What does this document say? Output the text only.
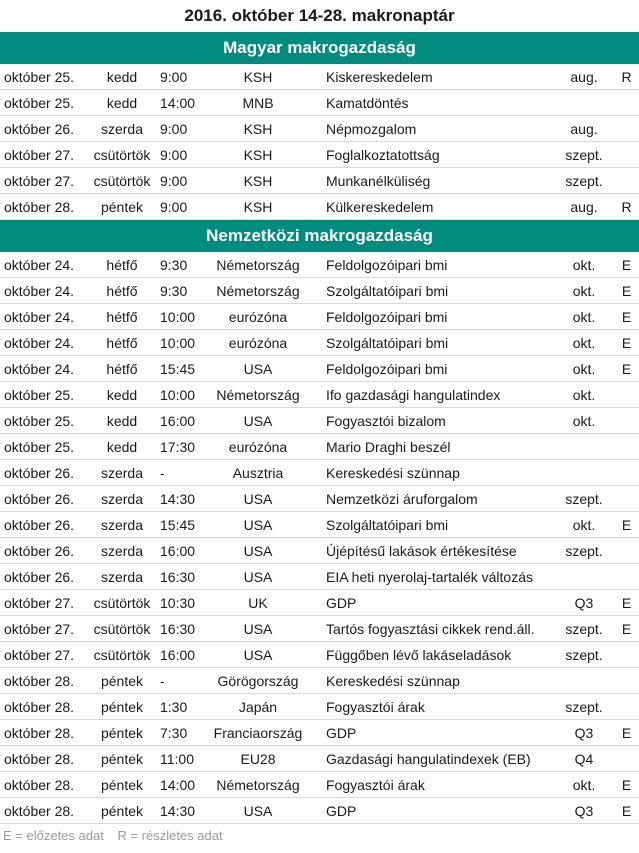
2016. október 14-28. makronaptár
Magyar makrogazdaság
október 25.	kedd	9:00	KSH	Kiskereskedelem	aug.	R
október 25.	kedd	14:00	MNB	Kamatdöntés		
október 26.	szerda	9:00	KSH	Népmozgalom	aug.	
október 27.	csütörtök	9:00	KSH	Foglalkoztatottság	szept.	
október 27.	csütörtök	9:00	KSH	Munkanélküliség	szept.	
október 28.	péntek	9:00	KSH	Külkereskedelem	aug.	R
Nemzetközi makrogazdaság
október 24.	hétfő	9:30	Németország	Feldolgozóipari bmi	okt.	E
október 24.	hétfő	9:30	Németország	Szolgáltatóipari bmi	okt.	E
október 24.	hétfő	10:00	eurózóna	Feldolgozóipari bmi	okt.	E
október 24.	hétfő	10:00	eurózóna	Szolgáltatóipari bmi	okt.	E
október 24.	hétfő	15:45	USA	Feldolgozóipari bmi	okt.	E
október 25.	kedd	10:00	Németország	Ifo gazdasági hangulatindex	okt.	
október 25.	kedd	16:00	USA	Fogyasztói bizalom	okt.	
október 25.	kedd	17:30	eurózóna	Mario Draghi beszél		
október 26.	szerda	-	Ausztria	Kereskedési szünnap		
október 26.	szerda	14:30	USA	Nemzetközi áruforgalom	szept.	
október 26.	szerda	15:45	USA	Szolgáltatóipari bmi	okt.	E
október 26.	szerda	16:00	USA	Újépítésű lakások értékesítése	szept.	
október 26.	szerda	16:30	USA	EIA heti nyerolaj-tartalék változás		
október 27.	csütörtök	10:30	UK	GDP	Q3	E
október 27.	csütörtök	16:30	USA	Tartós fogyasztási cikkek rend.áll.	szept.	E
október 27.	csütörtök	16:00	USA	Függőben lévő lakáseladások	szept.	
október 28.	péntek	-	Görögország	Kereskedési szünnap		
október 28.	péntek	1:30	Japán	Fogyasztói árak	szept.	
október 28.	péntek	7:30	Franciaország	GDP	Q3	E
október 28.	péntek	11:00	EU28	Gazdasági hangulatindexek (EB)	Q4	
október 28.	péntek	14:00	Németország	Fogyasztói árak	okt.	E
október 28.	péntek	14:30	USA	GDP	Q3	E
E = előzetes adat R = részletes adat
